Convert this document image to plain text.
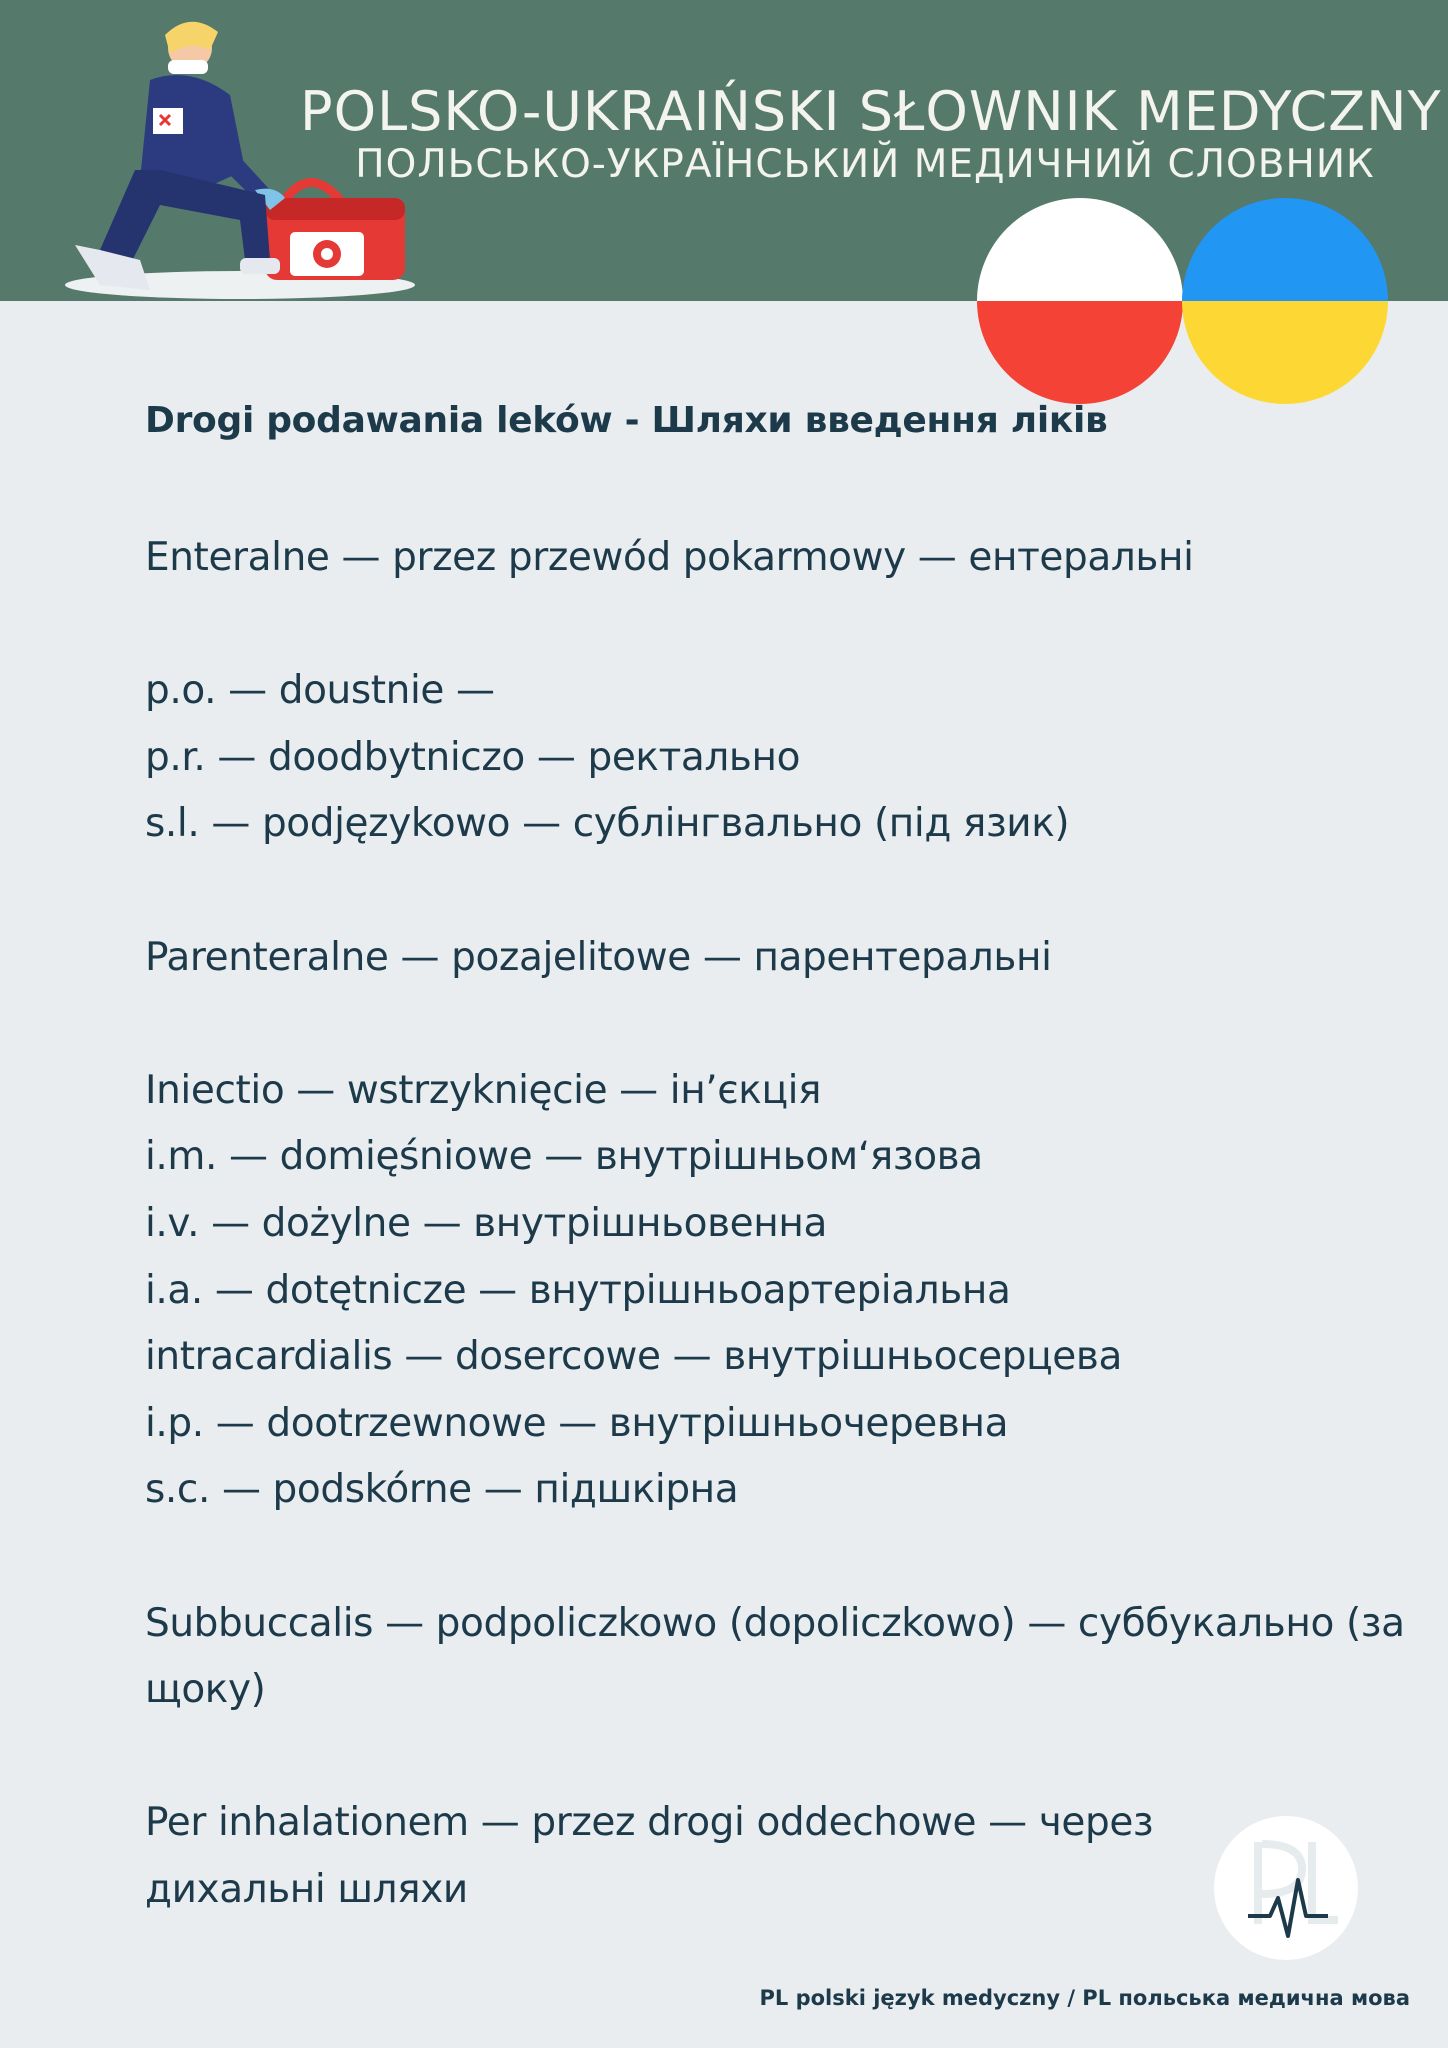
POLSKO-UKRAIŃSKI SŁOWNIK MEDYCZNY
ПОЛЬСЬКО-УКРАЇНСЬКИЙ МЕДИЧНИЙ СЛОВНИК
Drogi podawania leków - Шляхи введення ліків
Enteralne — przez przewód pokarmowy — ентеральні
p.o. — doustnie —
p.r. — doodbytniczo — ректально
s.l. — podjęzykowo — сублінгвально (під язик)
Parenteralne — pozajelitowe — парентеральні
Iniectio — wstrzyknięcie — ін’єкція
i.m. — domięśniowe — внутрішньом‘язова
i.v. — dożylne — внутрішньовенна
i.a. — dotętnicze — внутрішньоартеріальна
intracardialis — dosercowe — внутрішньосерцева
i.p. — dootrzewnowe — внутрішньочеревна
s.c. — podskórne — підшкірна
Subbuccalis — podpoliczkowo (dopoliczkowo) — суббукально (за щоку)
Per inhalationem — przez drogi oddechowe — через дихальні шляхи
PL polski język medyczny / PL польська медична мова
